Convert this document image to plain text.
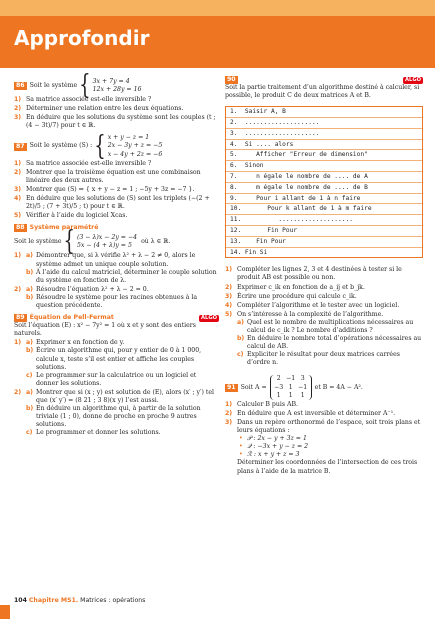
Approfondir
86 Soit le système { 3x + 7y = 4
12x + 28y = 16
1) Sa matrice associée est-elle inversible ?
2) Déterminer une relation entre les deux équations.
3) En déduire que les solutions du système sont les couples (t ; (4 − 3t)/7) pour t ∈ ℝ.
87 Soit le système (S) : { x + y − z = 1
2x − 3y + z = −5
x − 4y + 2z = −6
1) Sa matrice associée est-elle inversible ?
2) Montrer que la troisième équation est une combinaison linéaire des deux autres.
3) Montrer que (S) ⇔ { x + y − z = 1 ; −5y + 3z = −7 }.
4) En déduire que les solutions de (S) sont les triplets (−(2 + 2t)/5 ; (7 + 3t)/5 ; t) pour t ∈ ℝ.
5) Vérifier à l’aide du logiciel Xcas.
88 Système paramétré
Soit le système { (3 − λ)x − 2y = −4
5x − (4 + λ)y = 5
où λ ∈ ℝ.
1) a) Démontrer que, si λ vérifie λ² + λ − 2 ≠ 0, alors le système admet un unique couple solution.
b) À l’aide du calcul matriciel, déterminer le couple solution du système en fonction de λ.
2) a) Résoudre l’équation λ² + λ − 2 = 0.
b) Résoudre le système pour les racines obtenues à la question précédente.
89 Équation de Pell-Fermat	ALGO
Soit l’équation (E) : x² − 7y² = 1 où x et y sont des entiers naturels.
1) a) Exprimer x en fonction de y.
b) Écrire un algorithme qui, pour y entier de 0 à 1 000, calcule x, teste s’il est entier et affiche les couples solutions.
c) Le programmer sur la calculatrice ou un logiciel et donner les solutions.
2) a) Montrer que si (x ; y) est solution de (E), alors (x′ ; y′) tel que (x′ y′) = (8 21 ; 3 8)(x y) l’est aussi.
b) En déduire un algorithme qui, à partir de la solution triviale (1 ; 0), donne de proche en proche 9 autres solutions.
c) Le programmer et donner les solutions.
90	ALGO
Soit la partie traitement d’un algorithme destiné à calculer, si possible, le produit C de deux matrices A et B.
1.  Saisir A, B
2.  ....................
3.  ....................
4.  Si .... alors
5.     Afficher "Erreur de dimension"
6.  Sinon
7.     n égale le nombre de .... de A
8.     m égale le nombre de .... de B
9.     Pour i allant de 1 à n faire
10.       Pour k allant de 1 à m faire
11.          ....................
12.       Fin Pour
13.    Fin Pour
14. Fin Si
1) Compléter les lignes 2, 3 et 4 destinées à tester si le produit AB est possible ou non.
2) Exprimer c_ik en fonction de a_ij et b_jk.
3) Écrire une procédure qui calcule c_ik.
4) Compléter l’algorithme et le tester avec un logiciel.
5) On s’intéresse à la complexité de l’algorithme.
a) Quel est le nombre de multiplications nécessaires au calcul de c_ik ? Le nombre d’additions ?
b) En déduire le nombre total d’opérations nécessaires au calcul de AB.
c) Expliciter le résultat pour deux matrices carrées d’ordre n.
91 Soit A =
2 −1 3
−3 1 −1
1	1	1
et B = 4A − A².
1) Calculer B puis AB.
2) En déduire que A est inversible et déterminer A⁻¹.
3) Dans un repère orthonormé de l’espace, soit trois plans et leurs équations :
• 𝒫 : 2x − y + 3z = 1
• 𝒬 : −3x + y − z = 2
• ℛ : x + y + z = 3
Déterminer les coordonnées de l’intersection de ces trois plans à l’aide de la matrice B.
104 Chapitre MS1. Matrices : opérations
